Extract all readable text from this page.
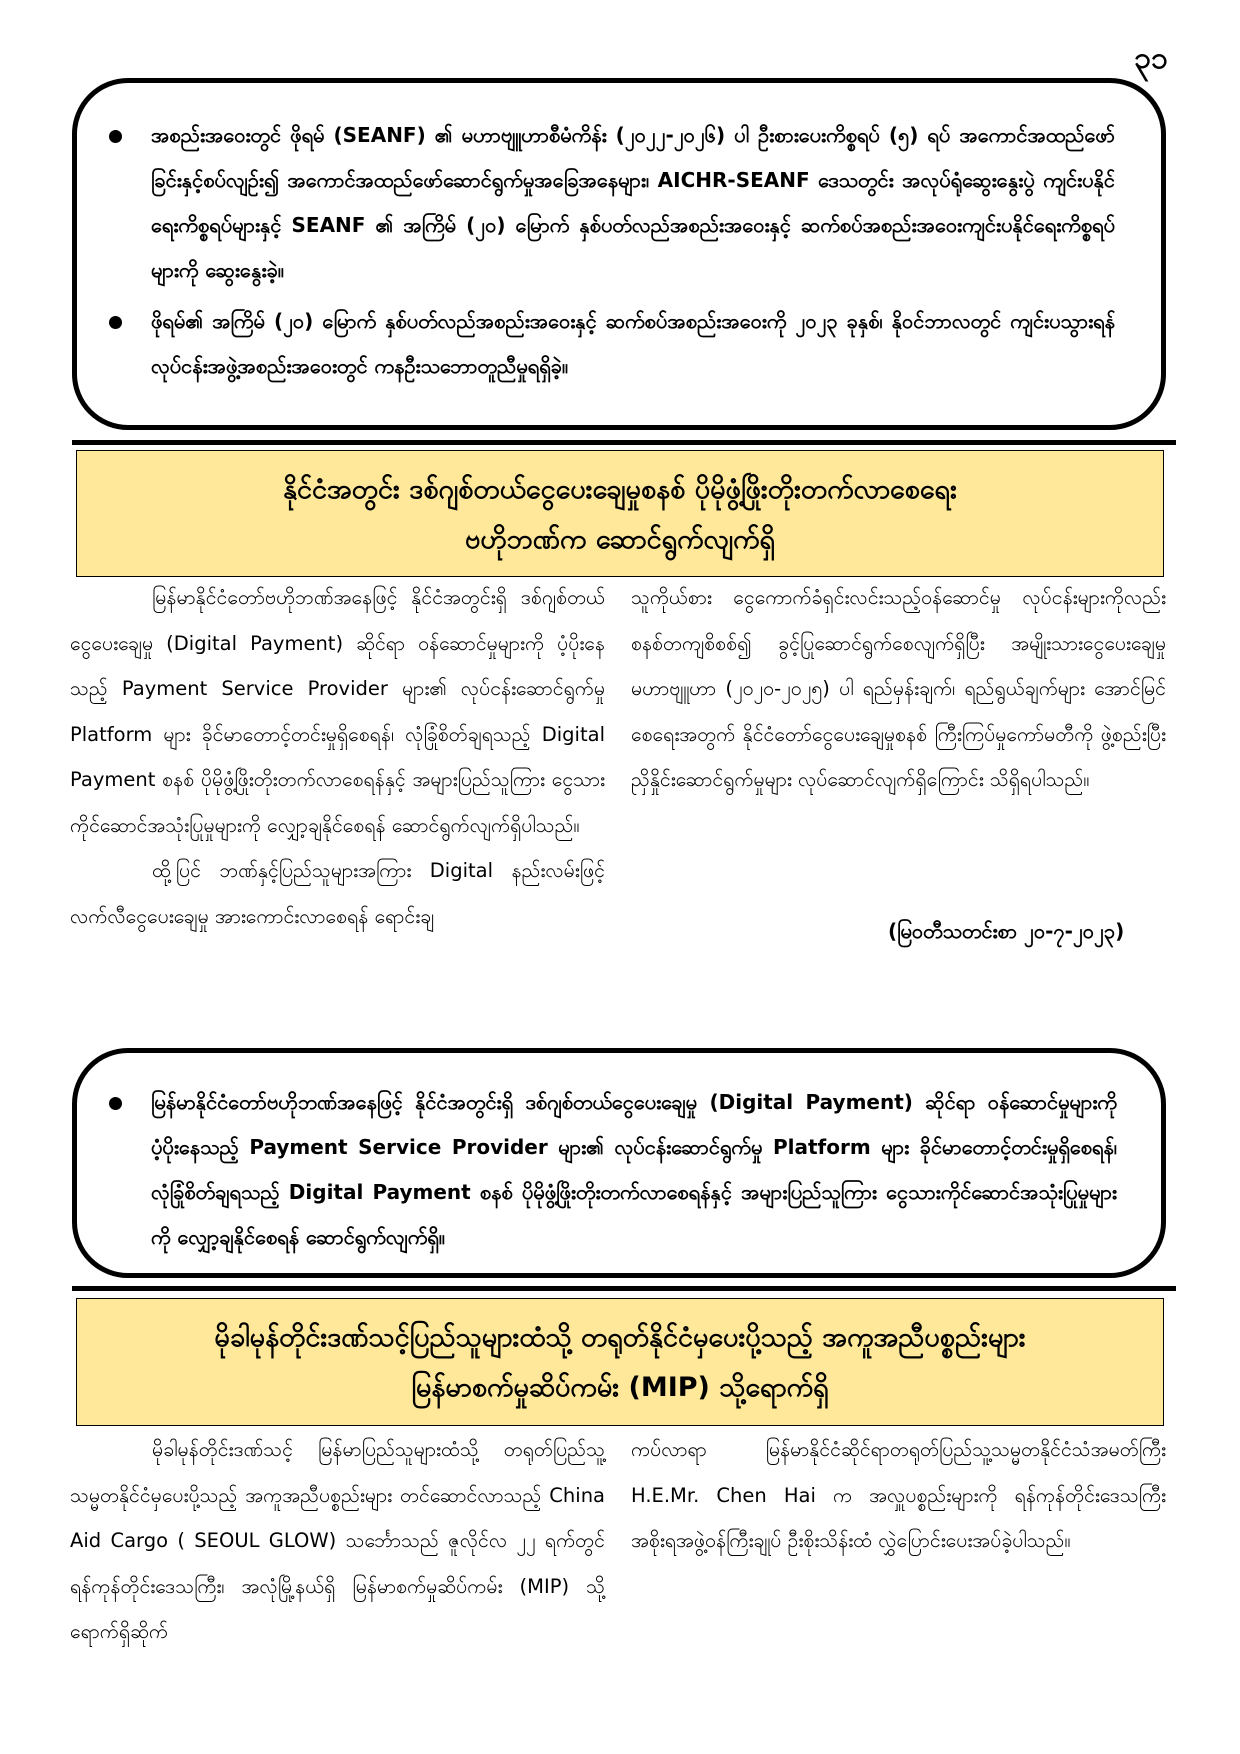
၃၁
အစည်းအဝေးတွင် ဖိုရမ် (SEANF) ၏ မဟာဗျူဟာစီမံကိန်း (၂၀၂၂-၂၀၂၆) ပါ ဦးစားပေးကိစ္စရပ် (၅) ရပ် အကောင်အထည်ဖော်ခြင်းနှင့်စပ်လျဉ်း၍ အကောင်အထည်ဖော်ဆောင်ရွက်မှုအခြေအနေများ၊ AICHR-SEANF ဒေသတွင်း အလုပ်ရုံဆွေးနွေးပွဲ ကျင်းပနိုင်ရေးကိစ္စရပ်များနှင့် SEANF ၏ အကြိမ် (၂၀) မြောက် နှစ်ပတ်လည်အစည်းအဝေးနှင့် ဆက်စပ်အစည်းအဝေးကျင်းပနိုင်ရေးကိစ္စရပ်များကို ဆွေးနွေးခဲ့။
ဖိုရမ်၏ အကြိမ် (၂၀) မြောက် နှစ်ပတ်လည်အစည်းအဝေးနှင့် ဆက်စပ်အစည်းအဝေးကို ၂၀၂၃ ခုနှစ်၊ နိုဝင်ဘာလတွင် ကျင်းပသွားရန် လုပ်ငန်းအဖွဲ့အစည်းအဝေးတွင် ကနဦးသဘောတူညီမှုရရှိခဲ့။
နိုင်ငံအတွင်း ဒစ်ဂျစ်တယ်ငွေပေးချေမှုစနစ် ပိုမိုဖွံ့ဖြိုးတိုးတက်လာစေရေး
ဗဟိုဘဏ်က ဆောင်ရွက်လျက်ရှိ

မြန်မာနိုင်ငံတော်ဗဟိုဘဏ်အနေဖြင့် နိုင်ငံအတွင်းရှိ ဒစ်ဂျစ်တယ်ငွေပေးချေမှု (Digital Payment) ဆိုင်ရာ ဝန်ဆောင်မှုများကို ပံ့ပိုးနေသည့် Payment Service Provider များ၏ လုပ်ငန်းဆောင်ရွက်မှု Platform များ ခိုင်မာတောင့်တင်းမှုရှိစေရန်၊ လုံခြုံစိတ်ချရသည့် Digital Payment စနစ် ပိုမိုဖွံ့ဖြိုးတိုးတက်လာစေရန်နှင့် အများပြည်သူကြား ငွေသားကိုင်ဆောင်အသုံးပြုမှုများကို လျှော့ချနိုင်စေရန် ဆောင်ရွက်လျက်ရှိပါသည်။

ထို့ပြင် ဘဏ်နှင့်ပြည်သူများအကြား Digital နည်းလမ်းဖြင့် လက်လီငွေပေးချေမှု အားကောင်းလာစေရန် ရောင်းချ

သူကိုယ်စား ငွေကောက်ခံရှင်းလင်းသည့်ဝန်ဆောင်မှု လုပ်ငန်းများကိုလည်း စနစ်တကျစိစစ်၍ ခွင့်ပြုဆောင်ရွက်စေလျက်ရှိပြီး အမျိုးသားငွေပေးချေမှုမဟာဗျူဟာ (၂၀၂၀-၂၀၂၅) ပါ ရည်မှန်းချက်၊ ရည်ရွယ်ချက်များ အောင်မြင်စေရေးအတွက် နိုင်ငံတော်ငွေပေးချေမှုစနစ် ကြီးကြပ်မှုကော်မတီကို ဖွဲ့စည်းပြီး ညှိနှိုင်းဆောင်ရွက်မှုများ လုပ်ဆောင်လျက်ရှိကြောင်း သိရှိရပါသည်။

(မြဝတီသတင်းစာ ၂၀-၇-၂၀၂၃)
မြန်မာနိုင်ငံတော်ဗဟိုဘဏ်အနေဖြင့် နိုင်ငံအတွင်းရှိ ဒစ်ဂျစ်တယ်ငွေပေးချေမှု (Digital Payment) ဆိုင်ရာ ဝန်ဆောင်မှုများကို ပံ့ပိုးနေသည့် Payment Service Provider များ၏ လုပ်ငန်းဆောင်ရွက်မှု Platform များ ခိုင်မာတောင့်တင်းမှုရှိစေရန်၊ လုံခြုံစိတ်ချရသည့် Digital Payment စနစ် ပိုမိုဖွံ့ဖြိုးတိုးတက်လာစေရန်နှင့် အများပြည်သူကြား ငွေသားကိုင်ဆောင်အသုံးပြုမှုများကို လျှော့ချနိုင်စေရန် ဆောင်ရွက်လျက်ရှိ။
မိုခါမုန်တိုင်းဒဏ်သင့်ပြည်သူများထံသို့ တရုတ်နိုင်ငံမှပေးပို့သည့် အကူအညီပစ္စည်းများ
မြန်မာစက်မှုဆိပ်ကမ်း (MIP) သို့ရောက်ရှိ

မိုခါမုန်တိုင်းဒဏ်သင့် မြန်မာပြည်သူများထံသို့ တရုတ်ပြည်သူ့သမ္မတနိုင်ငံမှပေးပို့သည့် အကူအညီပစ္စည်းများ တင်ဆောင်လာသည့် China Aid Cargo ( SEOUL GLOW) သင်္ဘောသည် ဇူလိုင်လ ၂၂ ရက်တွင် ရန်ကုန်တိုင်းဒေသကြီး၊ အလုံမြို့နယ်ရှိ မြန်မာစက်မှုဆိပ်ကမ်း (MIP) သို့ ရောက်ရှိဆိုက်

ကပ်လာရာ မြန်မာနိုင်ငံဆိုင်ရာတရုတ်ပြည်သူ့သမ္မတနိုင်ငံသံအမတ်ကြီး H.E.Mr. Chen Hai က အလှူပစ္စည်းများကို ရန်ကုန်တိုင်းဒေသကြီး အစိုးရအဖွဲ့ဝန်ကြီးချုပ် ဦးစိုးသိန်းထံ လွှဲပြောင်းပေးအပ်ခဲ့ပါသည်။
